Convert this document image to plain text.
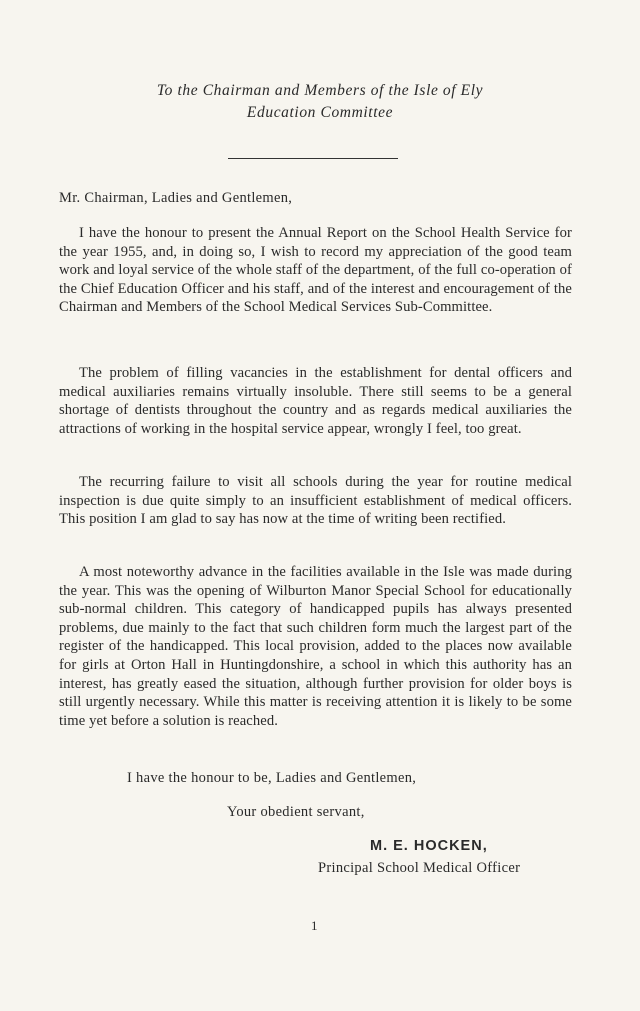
To the Chairman and Members of the Isle of Ely
Education Committee
Mr. Chairman, Ladies and Gentlemen,

I have the honour to present the Annual Report on the School Health Service for the year 1955, and, in doing so, I wish to record my appreciation of the good team work and loyal service of the whole staff of the department, of the full co-operation of the Chief Education Officer and his staff, and of the interest and encouragement of the Chairman and Members of the School Medical Services Sub-Committee.

The problem of filling vacancies in the establishment for dental officers and medical auxiliaries remains virtually insoluble. There still seems to be a general shortage of dentists throughout the country and as regards medical auxiliaries the attractions of working in the hospital service appear, wrongly I feel, too great.

The recurring failure to visit all schools during the year for routine medical inspection is due quite simply to an insufficient establishment of medical officers. This position I am glad to say has now at the time of writing been rectified.

A most noteworthy advance in the facilities available in the Isle was made during the year. This was the opening of Wilburton Manor Special School for educationally sub-normal children. This category of handicapped pupils has always presented problems, due mainly to the fact that such children form much the largest part of the register of the handicapped. This local provision, added to the places now available for girls at Orton Hall in Huntingdonshire, a school in which this authority has an interest, has greatly eased the situation, although further provision for older boys is still urgently necessary. While this matter is receiving attention it is likely to be some time yet before a solution is reached.

I have the honour to be, Ladies and Gentlemen,
Your obedient servant,
M. E. HOCKEN,
Principal School Medical Officer
1
